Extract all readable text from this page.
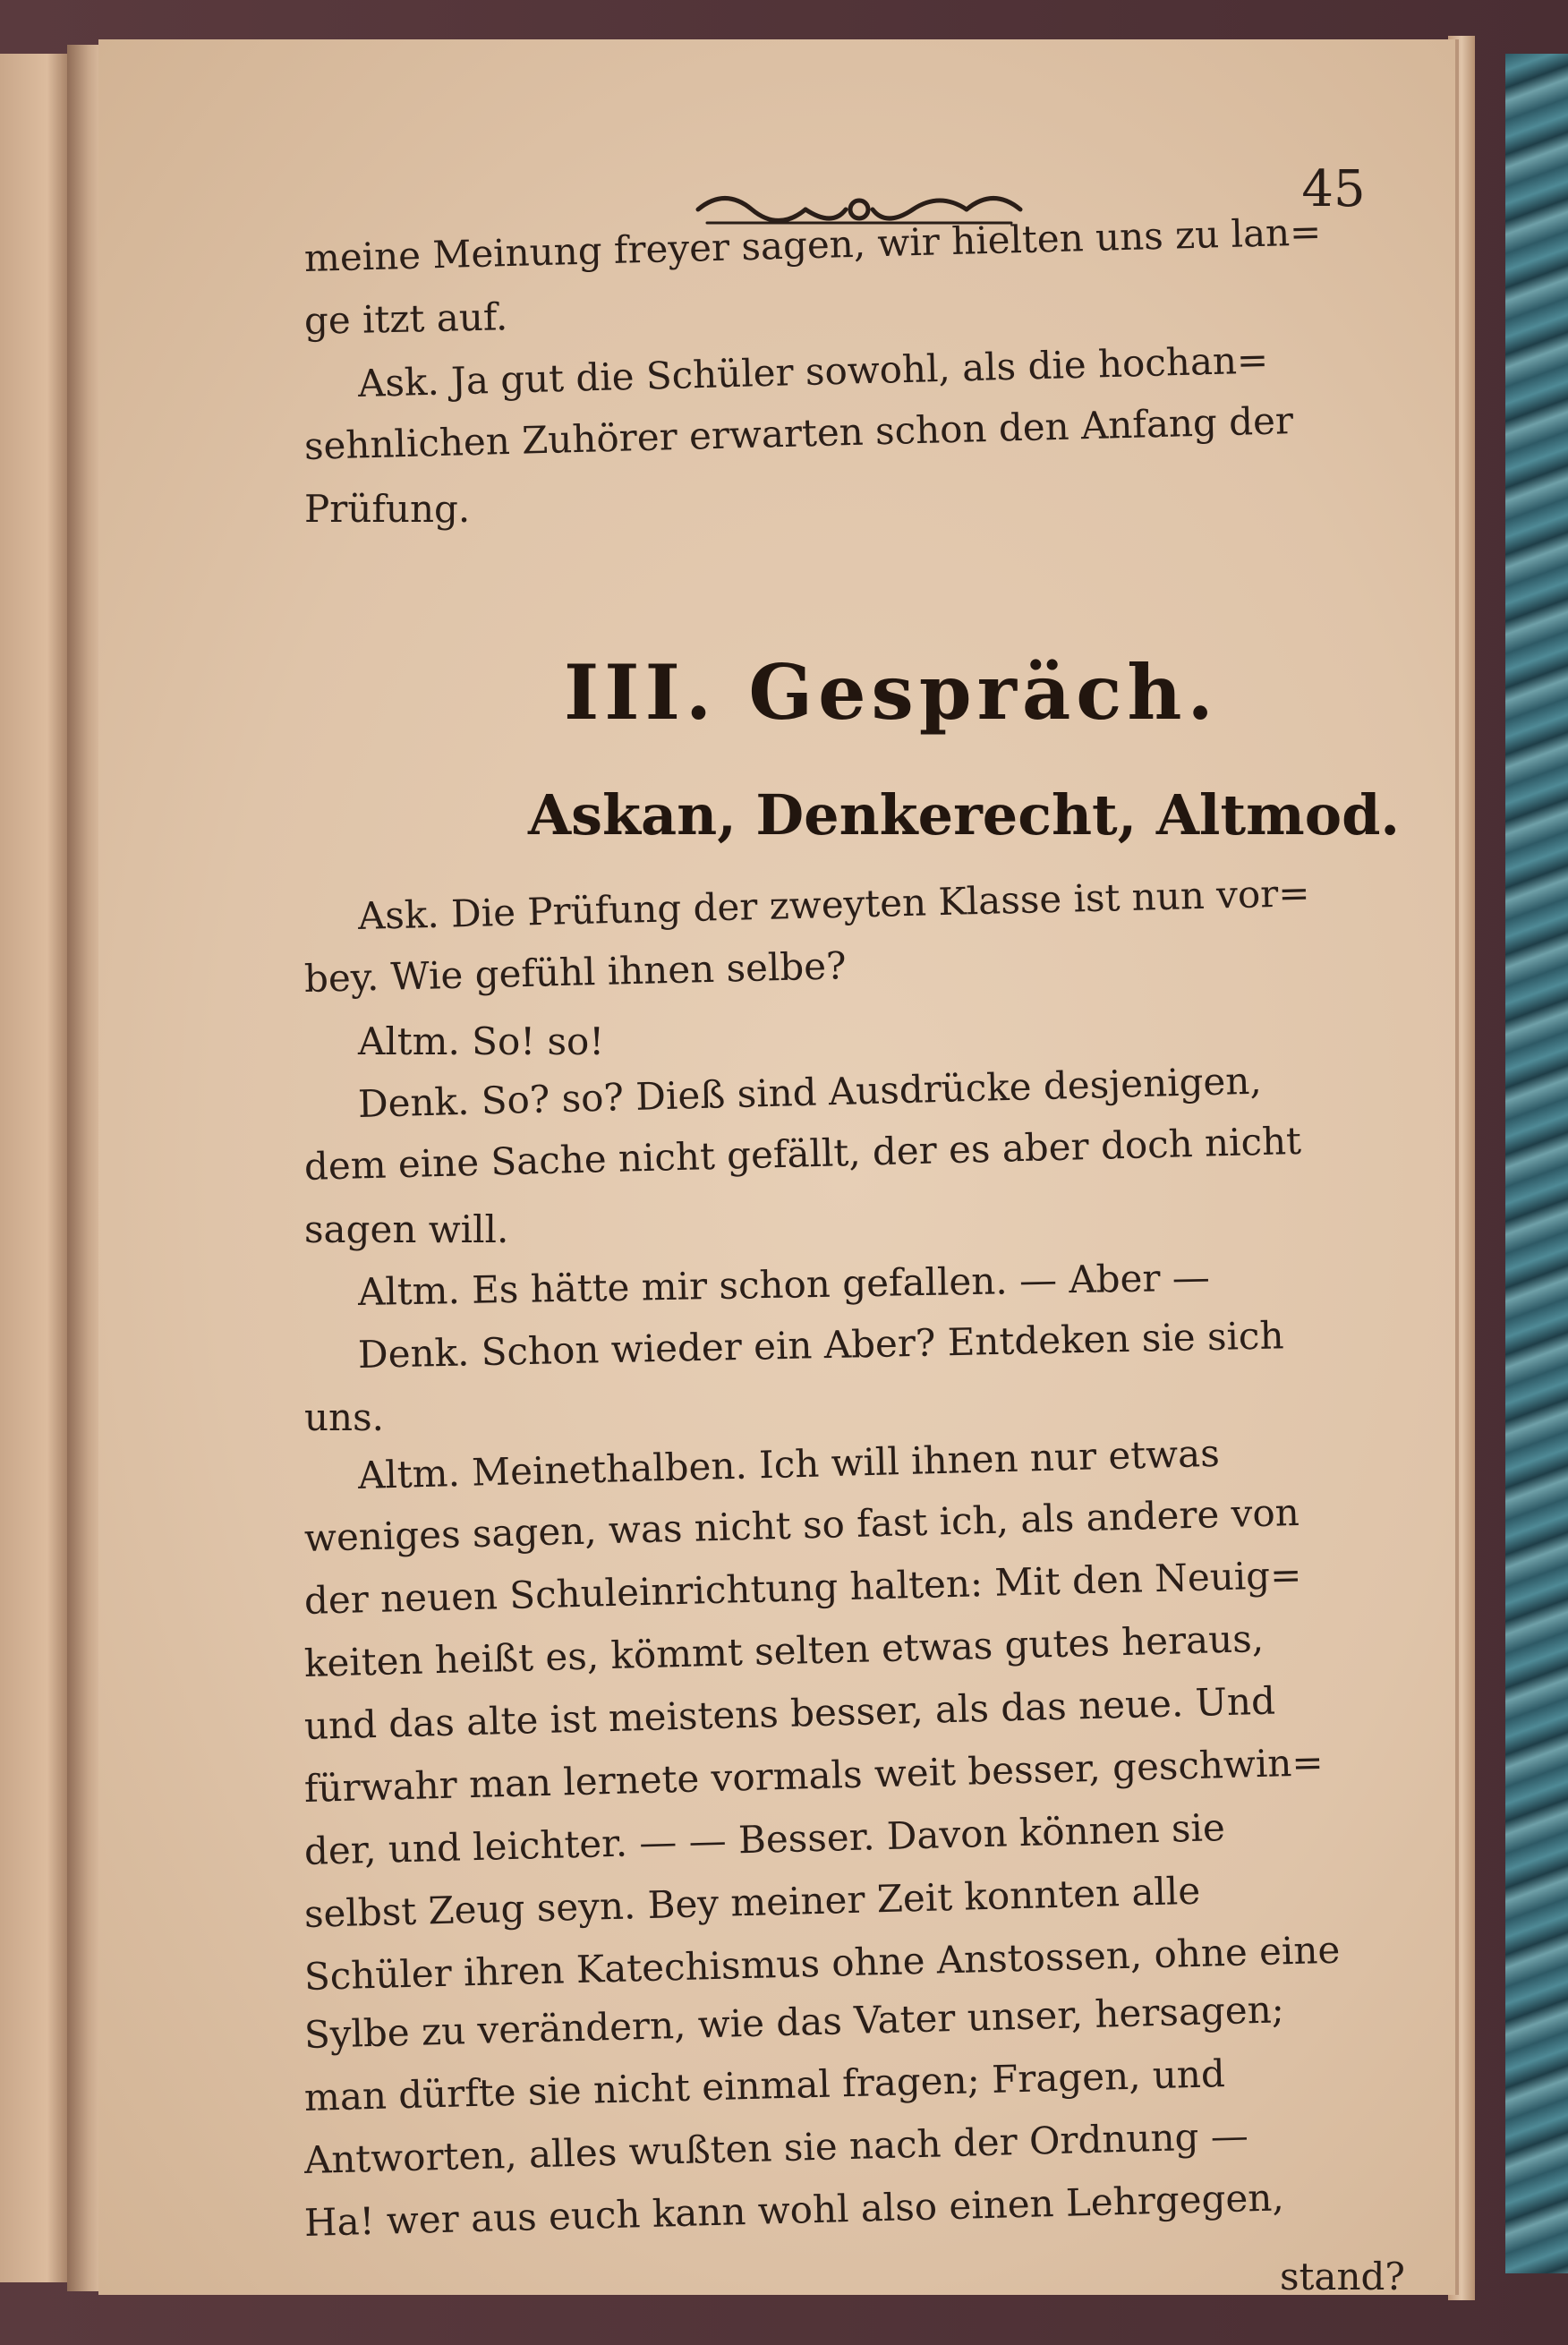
45
meine Meinung freyer sagen, wir hielten uns zu lan=
ge itzt auf.
Ask. Ja gut die Schüler sowohl, als die hochan=
sehnlichen Zuhörer erwarten schon den Anfang der
Prüfung.
III. Gespräch.
Askan, Denkerecht, Altmod.
Ask. Die Prüfung der zweyten Klasse ist nun vor=
bey. Wie gefühl ihnen selbe?
Altm. So! so!
Denk. So? so? Dieß sind Ausdrücke desjenigen,
dem eine Sache nicht gefällt, der es aber doch nicht
sagen will.
Altm. Es hätte mir schon gefallen. — Aber —
Denk. Schon wieder ein Aber? Entdeken sie sich
uns.
Altm. Meinethalben. Ich will ihnen nur etwas
weniges sagen, was nicht so fast ich, als andere von
der neuen Schuleinrichtung halten: Mit den Neuig=
keiten heißt es, kömmt selten etwas gutes heraus,
und das alte ist meistens besser, als das neue. Und
fürwahr man lernete vormals weit besser, geschwin=
der, und leichter. — — Besser. Davon können sie
selbst Zeug seyn. Bey meiner Zeit konnten alle
Schüler ihren Katechismus ohne Anstossen, ohne eine
Sylbe zu verändern, wie das Vater unser, hersagen;
man dürfte sie nicht einmal fragen; Fragen, und
Antworten, alles wußten sie nach der Ordnung —
Ha! wer aus euch kann wohl also einen Lehrgegen,
stand?
